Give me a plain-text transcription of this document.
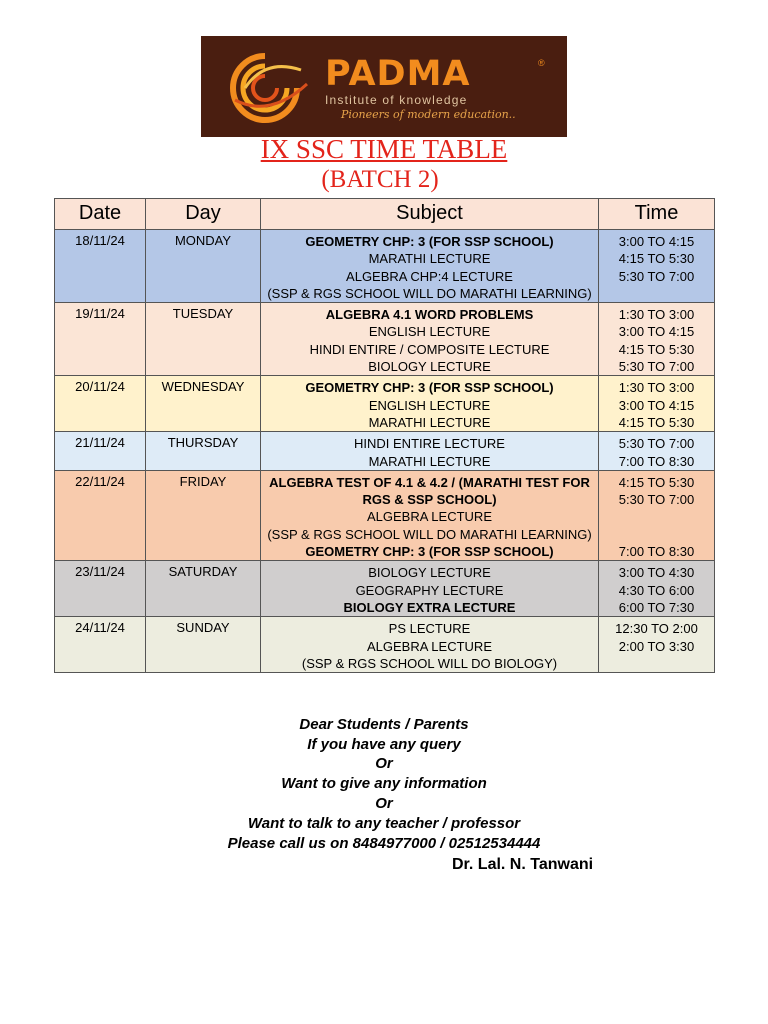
PADMA	®
Institute of knowledge
Pioneers of modern education..
IX SSC TIME TABLE
(BATCH 2)
Date	Day	Subject	Time
18/11/24	MONDAY	GEOMETRY CHP: 3 (FOR SSP SCHOOL)
MARATHI LECTURE
ALGEBRA CHP:4 LECTURE
(SSP & RGS SCHOOL WILL DO MARATHI LEARNING)	3:00 TO 4:15
4:15 TO 5:30
5:30 TO 7:00
19/11/24	TUESDAY	ALGEBRA 4.1 WORD PROBLEMS
ENGLISH LECTURE
HINDI ENTIRE / COMPOSITE LECTURE
BIOLOGY LECTURE	1:30 TO 3:00
3:00 TO 4:15
4:15 TO 5:30
5:30 TO 7:00
20/11/24	WEDNESDAY	GEOMETRY CHP: 3 (FOR SSP SCHOOL)
ENGLISH LECTURE
MARATHI LECTURE	1:30 TO 3:00
3:00 TO 4:15
4:15 TO 5:30
21/11/24	THURSDAY	HINDI ENTIRE LECTURE
MARATHI LECTURE	5:30 TO 7:00
7:00 TO 8:30
22/11/24	FRIDAY	ALGEBRA TEST OF 4.1 & 4.2 / (MARATHI TEST FOR RGS & SSP SCHOOL)
ALGEBRA LECTURE
(SSP & RGS SCHOOL WILL DO MARATHI LEARNING)
GEOMETRY CHP: 3 (FOR SSP SCHOOL)	4:15 TO 5:30
5:30 TO 7:00

7:00 TO 8:30
23/11/24	SATURDAY	BIOLOGY LECTURE
GEOGRAPHY LECTURE
BIOLOGY EXTRA LECTURE	3:00 TO 4:30
4:30 TO 6:00
6:00 TO 7:30
24/11/24	SUNDAY	PS LECTURE
ALGEBRA LECTURE
(SSP & RGS SCHOOL WILL DO BIOLOGY)	12:30 TO 2:00
2:00 TO 3:30
Dear Students / Parents
If you have any query
Or
Want to give any information
Or
Want to talk to any teacher / professor
Please call us on 8484977000 / 02512534444
Dr. Lal. N. Tanwani
